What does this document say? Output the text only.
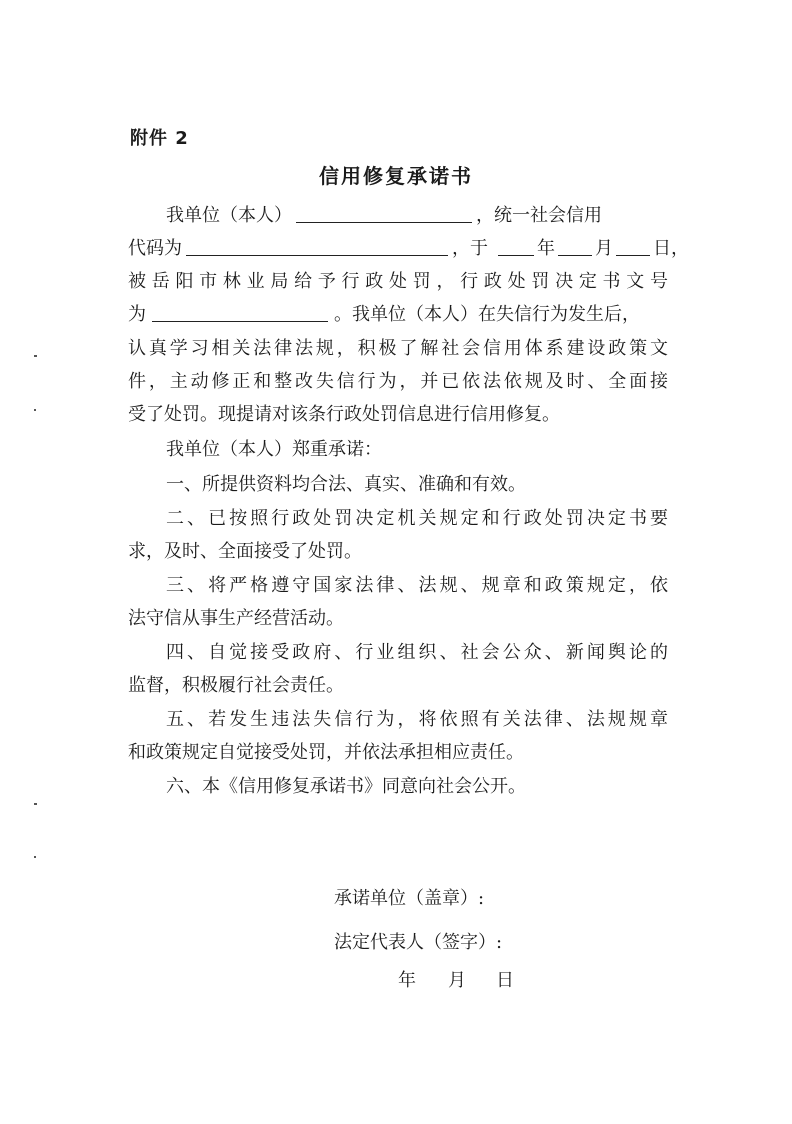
附件 2
信用修复承诺书
我单位（本人）	，统一社会信用
代码为	，于	年 月 日，
被岳阳市林业局给予行政处罚，行政处罚决定书文号
为	。我单位（本人）在失信行为发生后，
认真学习相关法律法规，积极了解社会信用体系建设政策文
件，主动修正和整改失信行为，并已依法依规及时、全面接
受了处罚。现提请对该条行政处罚信息进行信用修复。
我单位（本人）郑重承诺：
一、所提供资料均合法、真实、准确和有效。
二、已按照行政处罚决定机关规定和行政处罚决定书要
求，及时、全面接受了处罚。
三、将严格遵守国家法律、法规、规章和政策规定，依
法守信从事生产经营活动。
四、自觉接受政府、行业组织、社会公众、新闻舆论的
监督，积极履行社会责任。
五、若发生违法失信行为，将依照有关法律、法规规章
和政策规定自觉接受处罚，并依法承担相应责任。
六、本《信用修复承诺书》同意向社会公开。
承诺单位（盖章）:
法定代表人（签字）:
年 月 日
